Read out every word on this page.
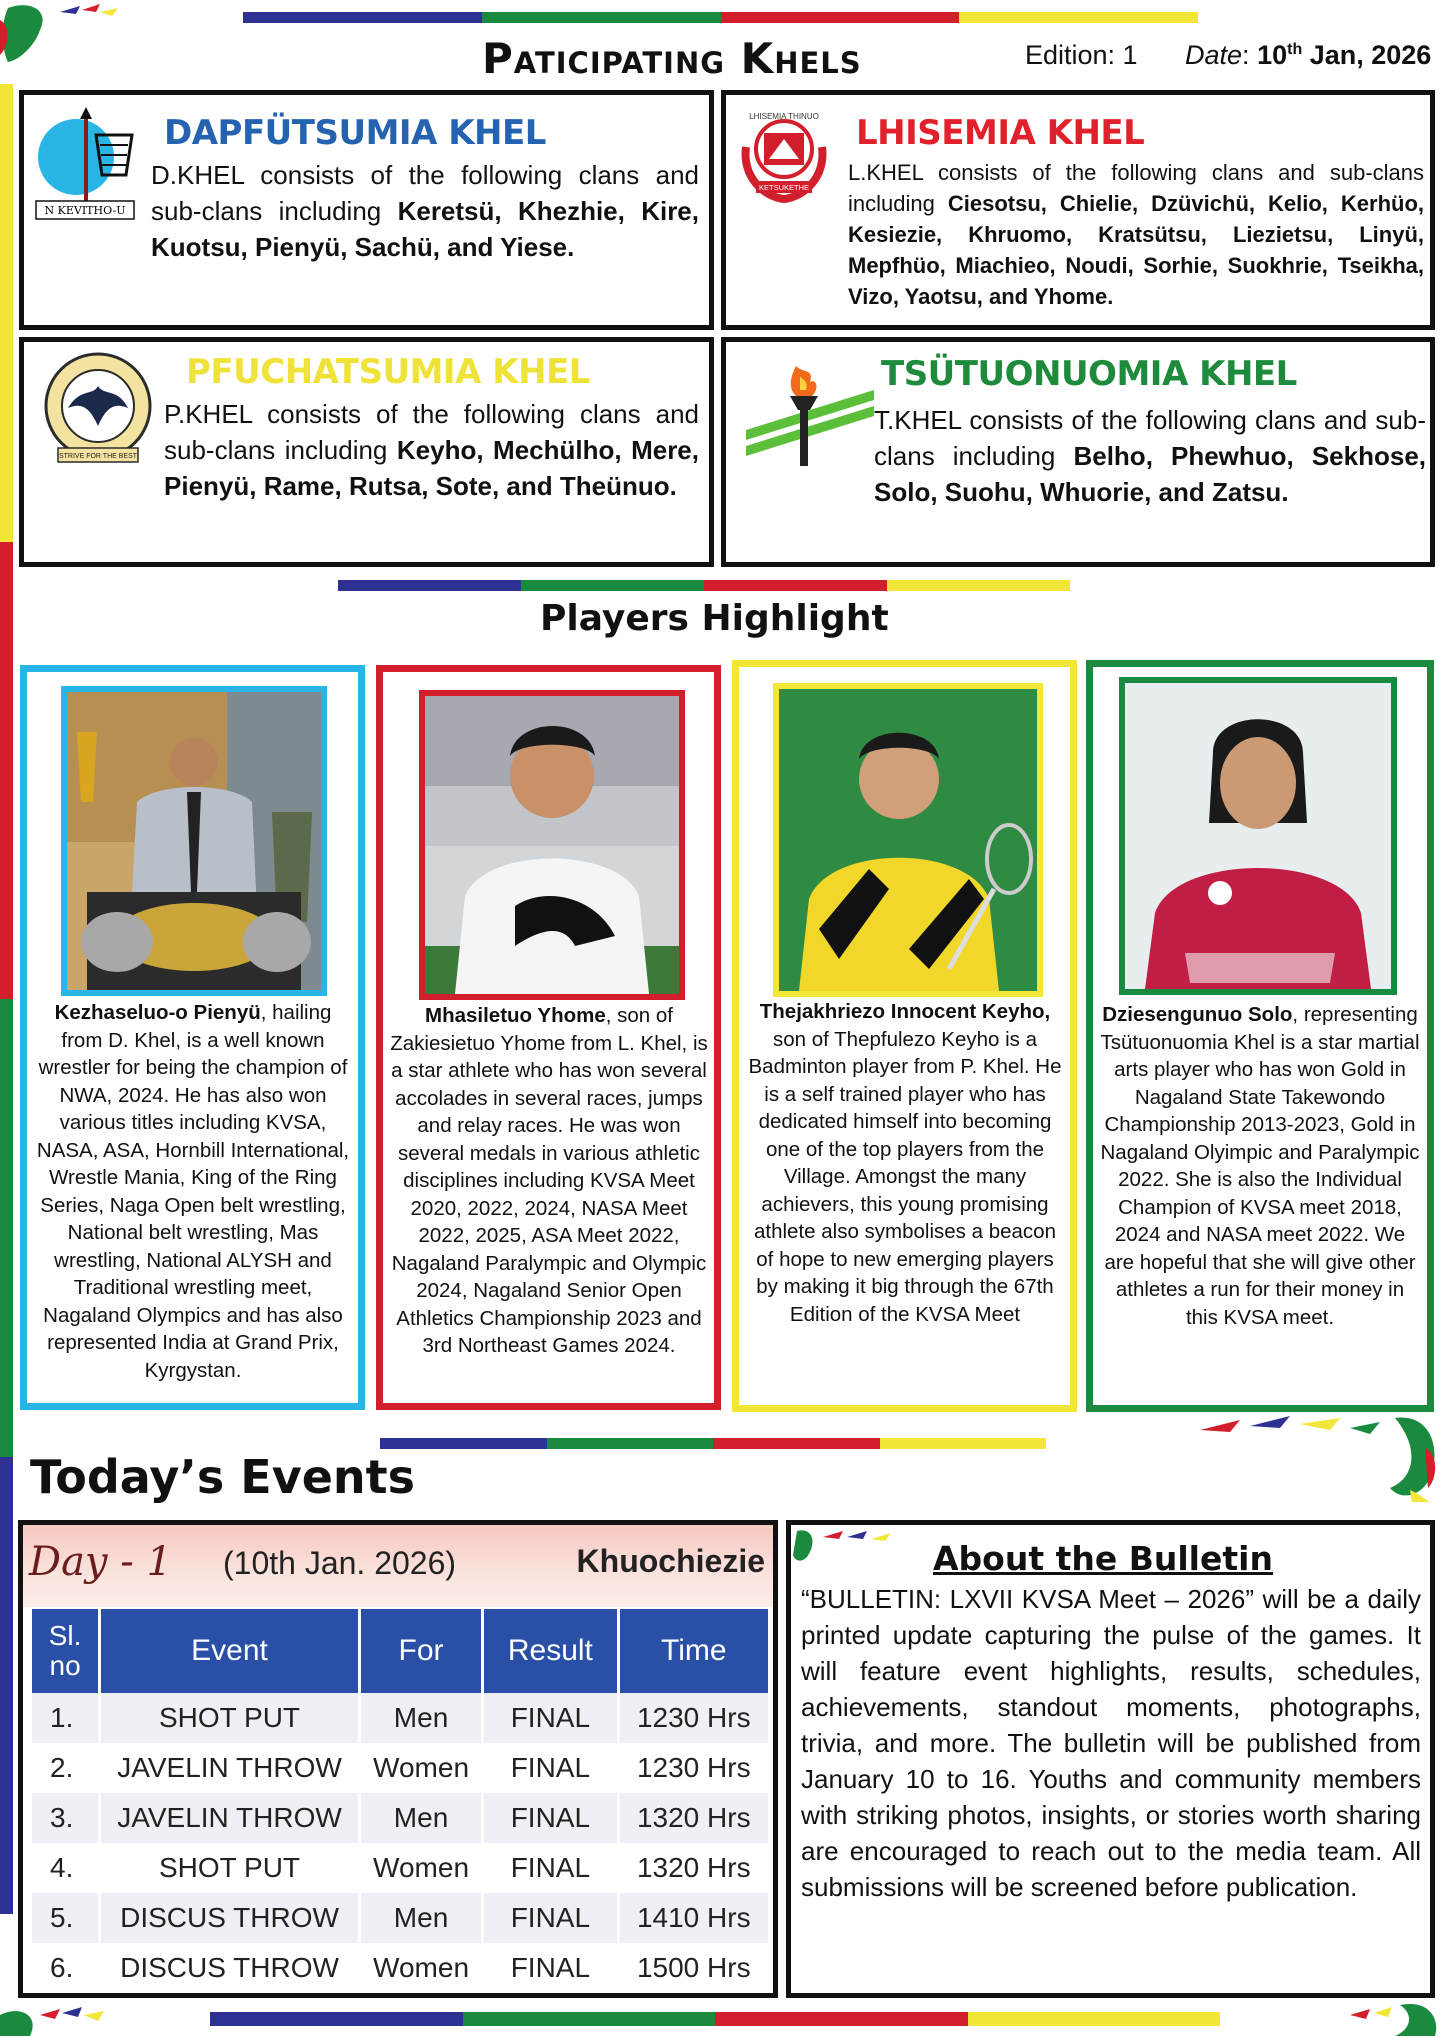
Paticipating Khels	Edition: 1 Date: 10th Jan, 2026
N KEVITHO-U
DAPFÜTSUMIA KHEL
D.KHEL consists of the following clans and sub-clans including Keretsü, Khezhie, Kire, Kuotsu, Pienyü, Sachü, and Yiese.
LHISEMIA THINUO
KETSUKETHE
LHISEMIA KHEL
L.KHEL consists of the following clans and sub-clans including Ciesotsu, Chielie, Dzüvichü, Kelio, Kerhüo, Kesiezie, Khruomo, Kratsütsu, Liezietsu, Linyü, Mepfhüo, Miachieo, Noudi, Sorhie, Suokhrie, Tseikha, Vizo, Yaotsu, and Yhome.
STRIVE FOR THE BEST
PFUCHATSUMIA KHEL
P.KHEL consists of the following clans and sub-clans including Keyho, Mechülho, Mere, Pienyü, Rame, Rutsa, Sote, and Theünuo.
TSÜTUONUOMIA KHEL
T.KHEL consists of the following clans and sub-clans including Belho, Phewhuo, Sekhose, Solo, Suohu, Whuorie, and Zatsu.
Players Highlight
Kezhaseluo-o Pienyü, hailing from D. Khel, is a well known wrestler for being the champion of NWA, 2024. He has also won various titles including KVSA, NASA, ASA, Hornbill International, Wrestle Mania, King of the Ring Series, Naga Open belt wrestling, National belt wrestling, Mas wrestling, National ALYSH and Traditional wrestling meet, Nagaland Olympics and has also represented India at Grand Prix, Kyrgystan.
Mhasiletuo Yhome, son of Zakiesietuo Yhome from L. Khel, is a star athlete who has won several accolades in several races, jumps and relay races. He was won several medals in various athletic disciplines including KVSA Meet 2020, 2022, 2024, NASA Meet 2022, 2025, ASA Meet 2022, Nagaland Paralympic and Olympic 2024, Nagaland Senior Open Athletics Championship 2023 and 3rd Northeast Games 2024.
Thejakhriezo Innocent Keyho, son of Thepfulezo Keyho is a Badminton player from P. Khel. He is a self trained player who has dedicated himself into becoming one of the top players from the Village. Amongst the many achievers, this young promising athlete also symbolises a beacon of hope to new emerging players by making it big through the 67th Edition of the KVSA Meet
Dziesengunuo Solo, representing Tsütuonuomia Khel is a star martial arts player who has won Gold in Nagaland State Takewondo Championship 2013-2023, Gold in Nagaland Olyimpic and Paralympic 2022. She is also the Individual Champion of KVSA meet 2018, 2024 and NASA meet 2022. We are hopeful that she will give other athletes a run for their money in this KVSA meet.
Today’s Events
Day - 1 (10th Jan. 2026)	Khuochiezie
Sl. no	Event	For	Result	Time
1.	SHOT PUT	Men	FINAL	1230 Hrs
2.	JAVELIN THROW	Women	FINAL	1230 Hrs
3.	JAVELIN THROW	Men	FINAL	1320 Hrs
4.	SHOT PUT	Women	FINAL	1320 Hrs
5.	DISCUS THROW	Men	FINAL	1410 Hrs
6.	DISCUS THROW	Women	FINAL	1500 Hrs
About the Bulletin
“BULLETIN: LXVII KVSA Meet – 2026” will be a daily printed update capturing the pulse of the games. It will feature event highlights, results, schedules, achievements, standout moments, photographs, trivia, and more. The bulletin will be published from January 10 to 16. Youths and community members with striking photos, insights, or stories worth sharing are encouraged to reach out to the media team. All submissions will be screened before publication.
